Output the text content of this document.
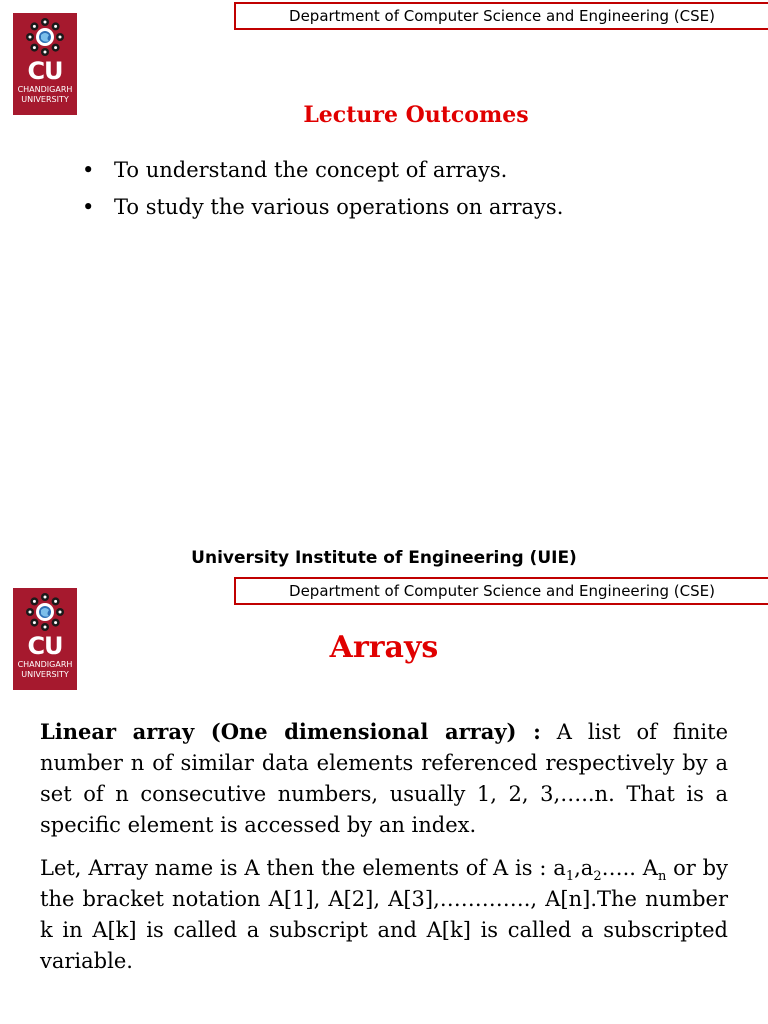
Department of Computer Science and Engineering (CSE)
CU
CHANDIGARH
UNIVERSITY
Lecture Outcomes
• To understand the concept of arrays.
• To study the various operations on arrays.
University Institute of Engineering (UIE)
Department of Computer Science and Engineering (CSE)
CU
CHANDIGARH
UNIVERSITY
Arrays

Linear array (One dimensional array) : A list of finite number n of similar data elements referenced respectively by a set of n consecutive numbers, usually 1, 2, 3,…..n. That is a specific element is accessed by an index.

Let, Array name is A then the elements of A is : $a_1,a_2\dots$.. $A_n$ or by the bracket notation A[1], A[2], A[3],…………., A[n].The number k in A[k] is called a subscript and A[k] is called a subscripted variable.
